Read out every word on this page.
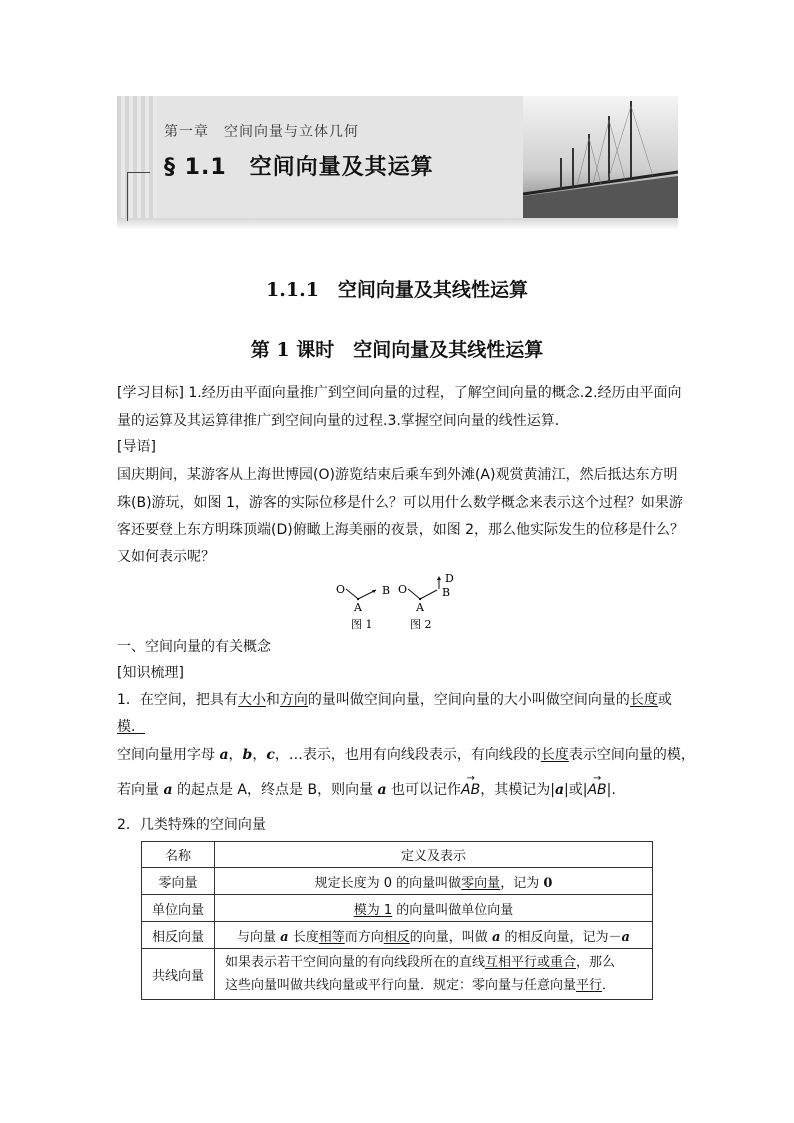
第一章　空间向量与立体几何
§ 1.1　空间向量及其运算
1.1.1　空间向量及其线性运算
第 1 课时　空间向量及其线性运算
[学习目标] 1.经历由平面向量推广到空间向量的过程，了解空间向量的概念.2.经历由平面向
量的运算及其运算律推广到空间向量的过程.3.掌握空间向量的线性运算．
[导语]
国庆期间，某游客从上海世博园(O)游览结束后乘车到外滩(A)观赏黄浦江，然后抵达东方明
珠(B)游玩，如图 1，游客的实际位移是什么？可以用什么数学概念来表示这个过程？如果游
客还要登上东方明珠顶端(D)俯瞰上海美丽的夜景，如图 2，那么他实际发生的位移是什么？
又如何表示呢？
O
A
B
图 1
O
A
B
D
图 2
一、空间向量的有关概念
[知识梳理]
1．在空间，把具有大小和方向的量叫做空间向量，空间向量的大小叫做空间向量的长度或
模．
空间向量用字母 a，b，c，…表示，也用有向线段表示，有向线段的长度表示空间向量的模，
若向量 a 的起点是 A，终点是 B，则向量 a 也可以记作→ AB，其模记为|a|或|→ AB|.
2．几类特殊的空间向量
名称	定义及表示
零向量	规定长度为 0 的向量叫做零向量，记为 0
单位向量	模为 1 的向量叫做单位向量
相反向量	与向量 a 长度相等而方向相反的向量，叫做 a 的相反向量，记为－a
共线向量	如果表示若干空间向量的有向线段所在的直线互相平行或重合，那么
这些向量叫做共线向量或平行向量．规定：零向量与任意向量平行．
